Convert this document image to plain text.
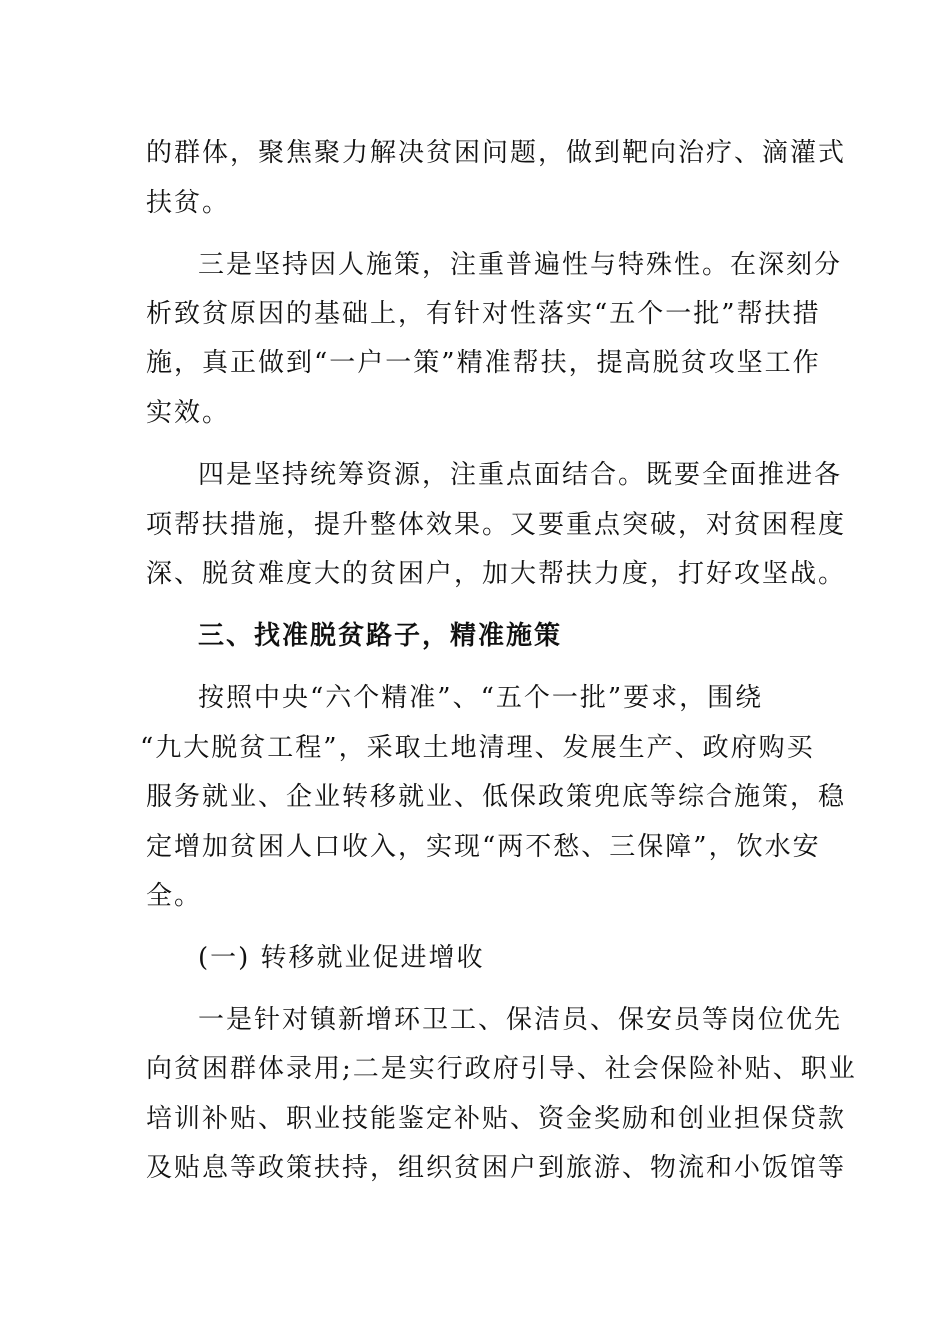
的群体，聚焦聚力解决贫困问题，做到靶向治疗、滴灌式
扶贫。
三是坚持因人施策，注重普遍性与特殊性。在深刻分
析致贫原因的基础上，有针对性落实“五个一批”帮扶措
施，真正做到“一户一策”精准帮扶，提高脱贫攻坚工作
实效。
四是坚持统筹资源，注重点面结合。既要全面推进各
项帮扶措施，提升整体效果。又要重点突破，对贫困程度
深、脱贫难度大的贫困户，加大帮扶力度，打好攻坚战。
三、找准脱贫路子，精准施策
按照中央“六个精准”、“五个一批”要求，围绕
“九大脱贫工程”，采取土地清理、发展生产、政府购买
服务就业、企业转移就业、低保政策兜底等综合施策，稳
定增加贫困人口收入，实现“两不愁、三保障”，饮水安
全。
(一) 转移就业促进增收
一是针对镇新增环卫工、保洁员、保安员等岗位优先
向贫困群体录用;二是实行政府引导、社会保险补贴、职业
培训补贴、职业技能鉴定补贴、资金奖励和创业担保贷款
及贴息等政策扶持，组织贫困户到旅游、物流和小饭馆等
